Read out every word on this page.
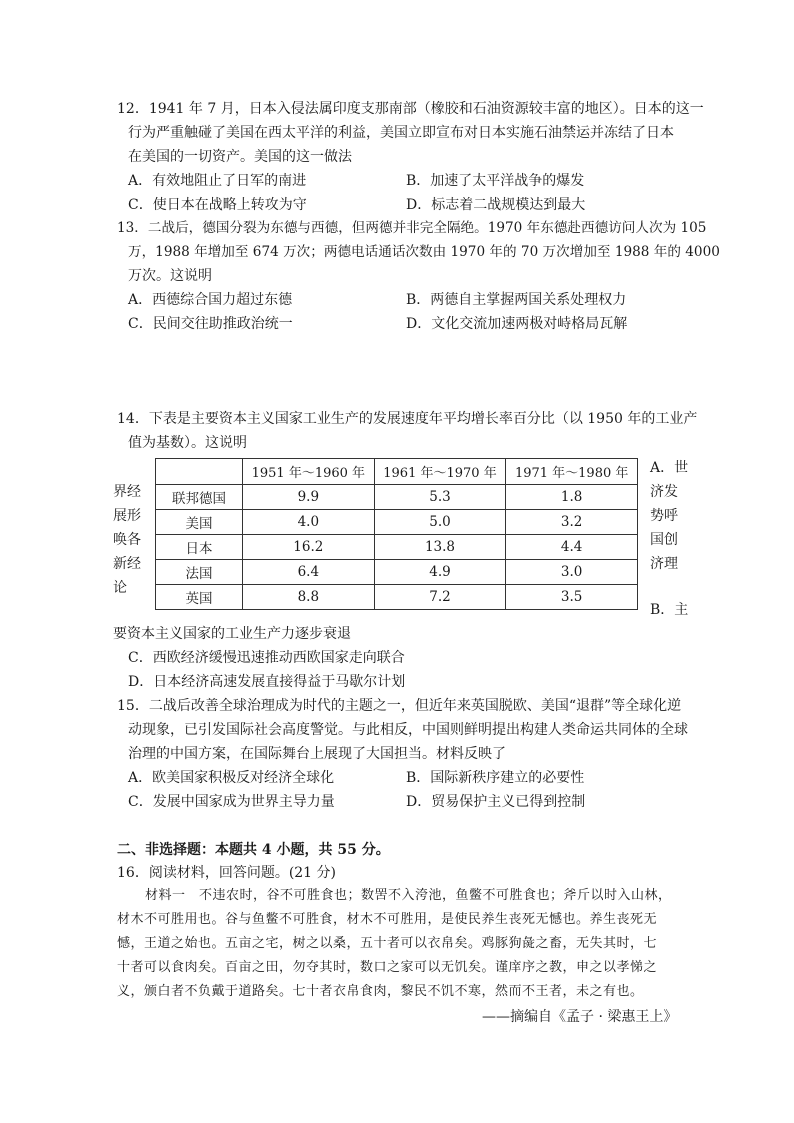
12．1941 年 7 月，日本入侵法属印度支那南部（橡胶和石油资源较丰富的地区）。日本的这一
行为严重触碰了美国在西太平洋的利益，美国立即宣布对日本实施石油禁运并冻结了日本
在美国的一切资产。美国的这一做法
A．有效地阻止了日军的南进	B．加速了太平洋战争的爆发
C．使日本在战略上转攻为守	D．标志着二战规模达到最大
13．二战后，德国分裂为东德与西德，但两德并非完全隔绝。1970 年东德赴西德访问人次为 105
万，1988 年增加至 674 万次；两德电话通话次数由 1970 年的 70 万次增加至 1988 年的 4000
万次。这说明
A．西德综合国力超过东德	B．两德自主掌握两国关系处理权力
C．民间交往助推政治统一	D．文化交流加速两极对峙格局瓦解
14．下表是主要资本主义国家工业生产的发展速度年平均增长率百分比（以 1950 年的工业产
值为基数）。这说明
	1951 年～1960 年	1961 年～1970 年	1971 年～1980 年
联邦德国	9.9	5.3	1.8
美国	4.0	5.0	3.2
日本	16.2	13.8	4.4
法国	6.4	4.9	3.0
英国	8.8	7.2	3.5
界经
展形
唤各
新经
论
A．世
济发
势呼
国创
济理
B．主
要资本主义国家的工业生产力逐步衰退
C．西欧经济缓慢迅速推动西欧国家走向联合
D．日本经济高速发展直接得益于马歇尔计划
15．二战后改善全球治理成为时代的主题之一，但近年来英国脱欧、美国“退群”等全球化逆
动现象，已引发国际社会高度警觉。与此相反，中国则鲜明提出构建人类命运共同体的全球
治理的中国方案，在国际舞台上展现了大国担当。材料反映了
A．欧美国家积极反对经济全球化	B．国际新秩序建立的必要性
C．发展中国家成为世界主导力量	D．贸易保护主义已得到控制
二、非选择题：本题共 4 小题，共 55 分。
16．阅读材料，回答问题。(21 分)
材料一　不违农时，谷不可胜食也；数罟不入洿池，鱼鳖不可胜食也；斧斤以时入山林，
材木不可胜用也。谷与鱼鳖不可胜食，材木不可胜用，是使民养生丧死无憾也。养生丧死无
憾，王道之始也。五亩之宅，树之以桑，五十者可以衣帛矣。鸡豚狗彘之畜，无失其时，七
十者可以食肉矣。百亩之田，勿夺其时，数口之家可以无饥矣。谨庠序之教，申之以孝悌之
义，颁白者不负戴于道路矣。七十者衣帛食肉，黎民不饥不寒，然而不王者，未之有也。
——摘编自《孟子 · 梁惠王上》
